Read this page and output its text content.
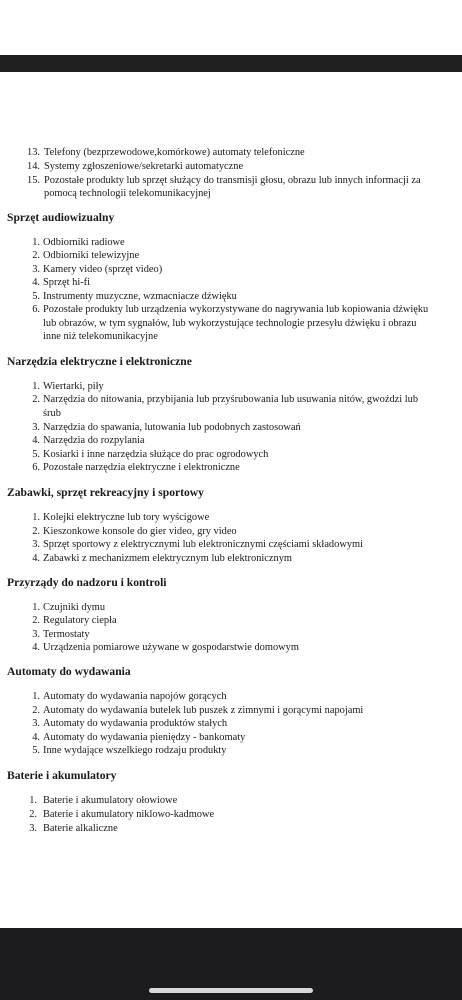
13. Telefony (bezprzewodowe,komórkowe) automaty telefoniczne
14. Systemy zgłoszeniowe/sekretarki automatyczne
15. Pozostałe produkty lub sprzęt służący do transmisji głosu, obrazu lub innych informacji za
pomocą technologii telekomunikacyjnej
Sprzęt audiowizualny
1. Odbiorniki radiowe
2. Odbiorniki telewizyjne
3. Kamery video (sprzęt video)
4. Sprzęt hi-fi
5. Instrumenty muzyczne, wzmacniacze dźwięku
6. Pozostałe produkty lub urządzenia wykorzystywane do nagrywania lub kopiowania dźwięku
lub obrazów, w tym sygnałów, lub wykorzystujące technologie przesyłu dźwięku i obrazu
inne niż telekomunikacyjne
Narzędzia elektryczne i elektroniczne
1. Wiertarki, piły
2. Narzędzia do nitowania, przybijania lub przyśrubowania lub usuwania nitów, gwoździ lub
śrub
3. Narzędzia do spawania, lutowania lub podobnych zastosowań
4. Narzędzia do rozpylania
5. Kosiarki i inne narzędzia służące do prac ogrodowych
6. Pozostałe narzędzia elektryczne i elektroniczne
Zabawki, sprzęt rekreacyjny i sportowy
1. Kolejki elektryczne lub tory wyścigowe
2. Kieszonkowe konsole do gier video, gry video
3. Sprzęt sportowy z elektrycznymi lub elektronicznymi częściami składowymi
4. Zabawki z mechanizmem elektrycznym lub elektronicznym
Przyrządy do nadzoru i kontroli
1. Czujniki dymu
2. Regulatory ciepła
3. Termostaty
4. Urządzenia pomiarowe używane w gospodarstwie domowym
Automaty do wydawania
1. Automaty do wydawania napojów gorących
2. Automaty do wydawania butelek lub puszek z zimnymi i gorącymi napojami
3. Automaty do wydawania produktów stałych
4. Automaty do wydawania pieniędzy - bankomaty
5. Inne wydające wszelkiego rodzaju produkty
Baterie i akumulatory
1. Baterie i akumulatory ołowiowe
2. Baterie i akumulatory niklowo-kadmowe
3. Baterie alkaliczne
